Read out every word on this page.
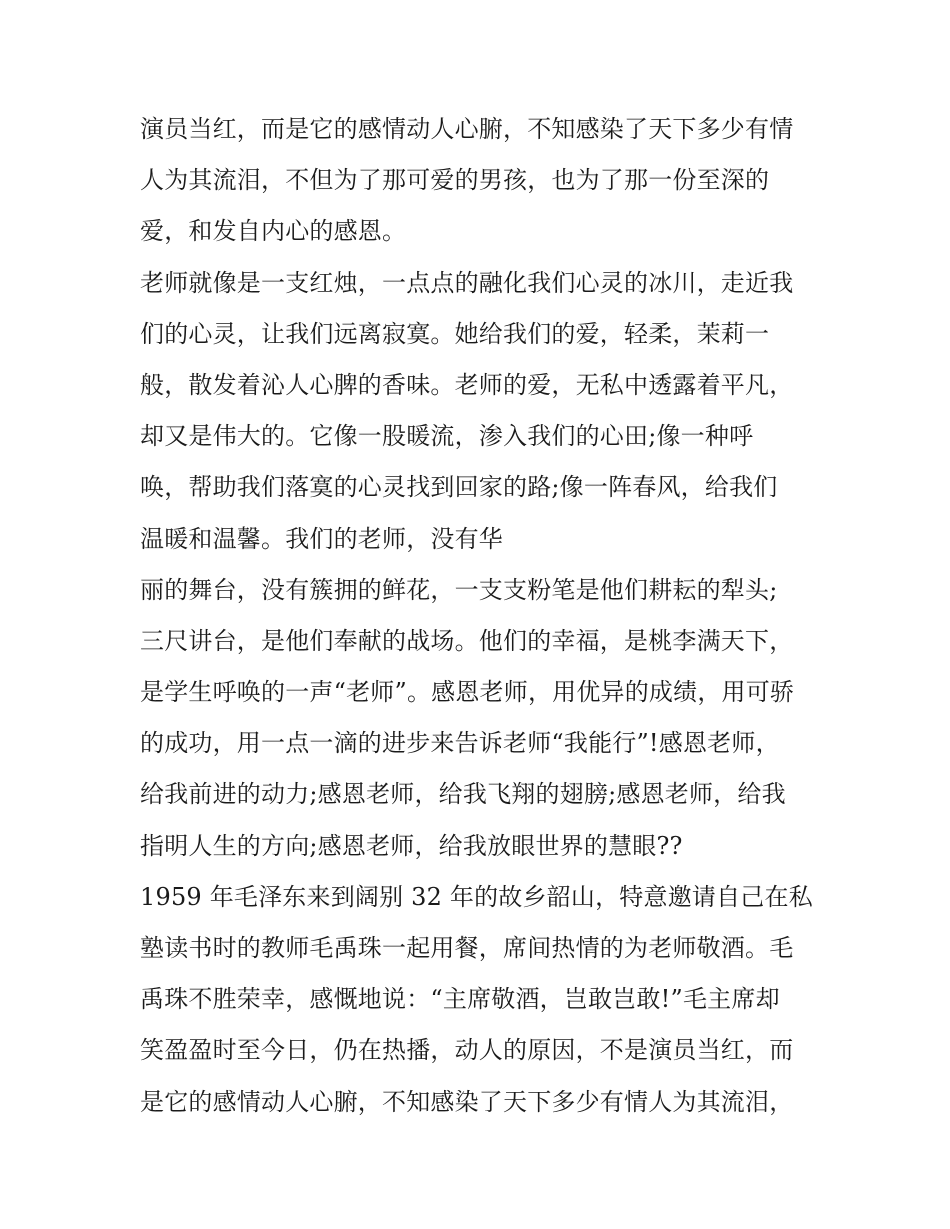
演员当红，而是它的感情动人心腑，不知感染了天下多少有情
人为其流泪，不但为了那可爱的男孩，也为了那一份至深的
爱，和发自内心的感恩。
老师就像是一支红烛，一点点的融化我们心灵的冰川，走近我
们的心灵，让我们远离寂寞。她给我们的爱，轻柔，茉莉一
般，散发着沁人心脾的香味。老师的爱，无私中透露着平凡，
却又是伟大的。它像一股暖流，渗入我们的心田;像一种呼
唤，帮助我们落寞的心灵找到回家的路;像一阵春风，给我们
温暖和温馨。我们的老师，没有华
丽的舞台，没有簇拥的鲜花，一支支粉笔是他们耕耘的犁头;
三尺讲台，是他们奉献的战场。他们的幸福，是桃李满天下，
是学生呼唤的一声“老师”。感恩老师，用优异的成绩，用可骄
的成功，用一点一滴的进步来告诉老师“我能行”!感恩老师，
给我前进的动力;感恩老师，给我飞翔的翅膀;感恩老师，给我
指明人生的方向;感恩老师，给我放眼世界的慧眼??
1959 年毛泽东来到阔别 32 年的故乡韶山，特意邀请自己在私
塾读书时的教师毛禹珠一起用餐，席间热情的为老师敬酒。毛
禹珠不胜荣幸，感慨地说：“主席敬酒，岂敢岂敢!”毛主席却
笑盈盈时至今日，仍在热播，动人的原因，不是演员当红，而
是它的感情动人心腑，不知感染了天下多少有情人为其流泪，
